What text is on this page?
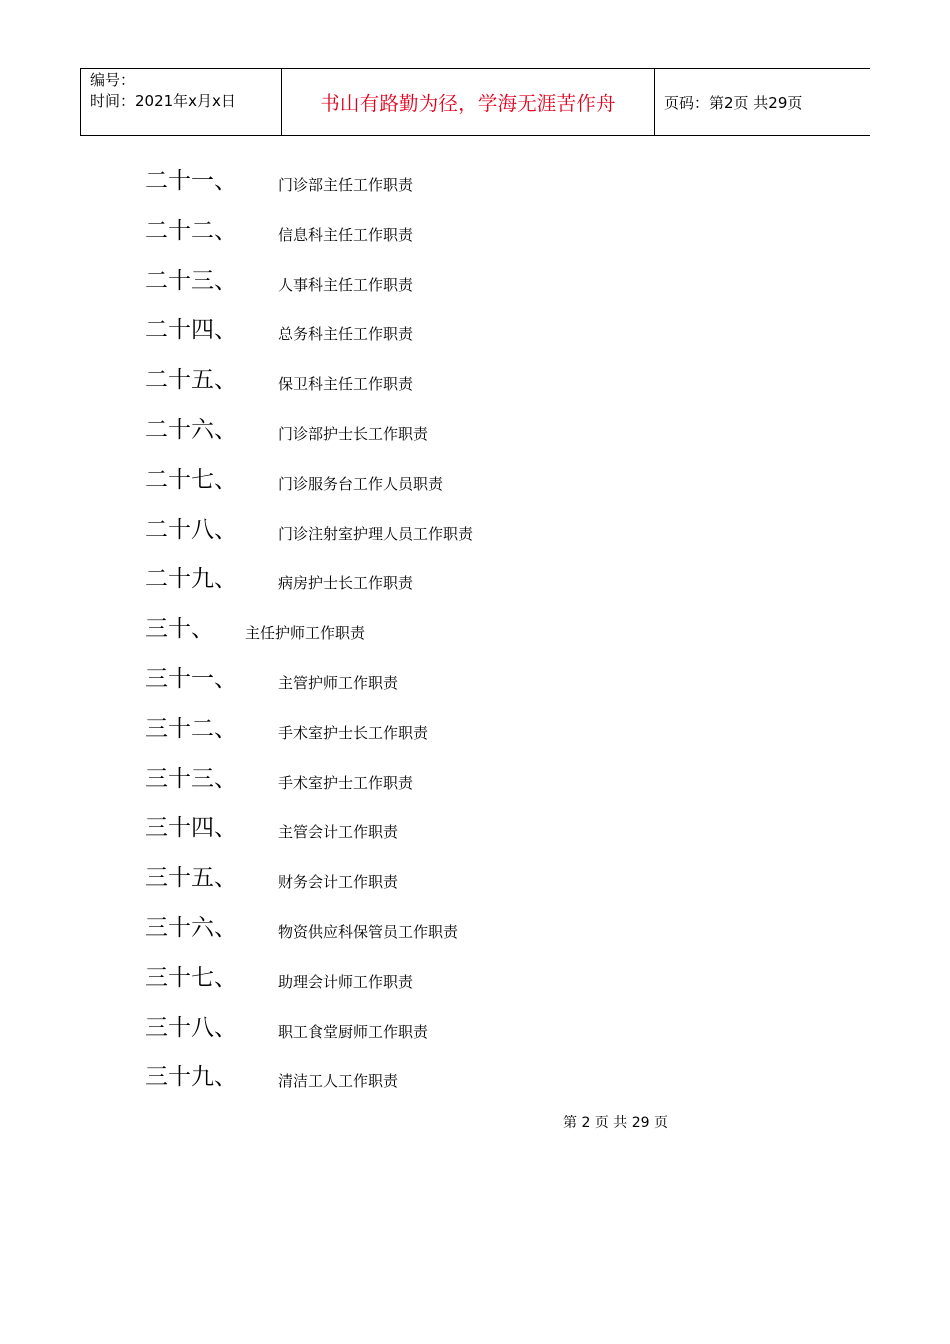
编号：
时间：2021年x月x日	书山有路勤为径，学海无涯苦作舟	页码：第2页 共29页
二十一、	门诊部主任工作职责
二十二、	信息科主任工作职责
二十三、	人事科主任工作职责
二十四、	总务科主任工作职责
二十五、	保卫科主任工作职责
二十六、	门诊部护士长工作职责
二十七、	门诊服务台工作人员职责
二十八、	门诊注射室护理人员工作职责
二十九、	病房护士长工作职责
三十、 主任护师工作职责
三十一、	主管护师工作职责
三十二、	手术室护士长工作职责
三十三、	手术室护士工作职责
三十四、	主管会计工作职责
三十五、	财务会计工作职责
三十六、	物资供应科保管员工作职责
三十七、	助理会计师工作职责
三十八、	职工食堂厨师工作职责
三十九、	清洁工人工作职责
第 2 页 共 29 页
